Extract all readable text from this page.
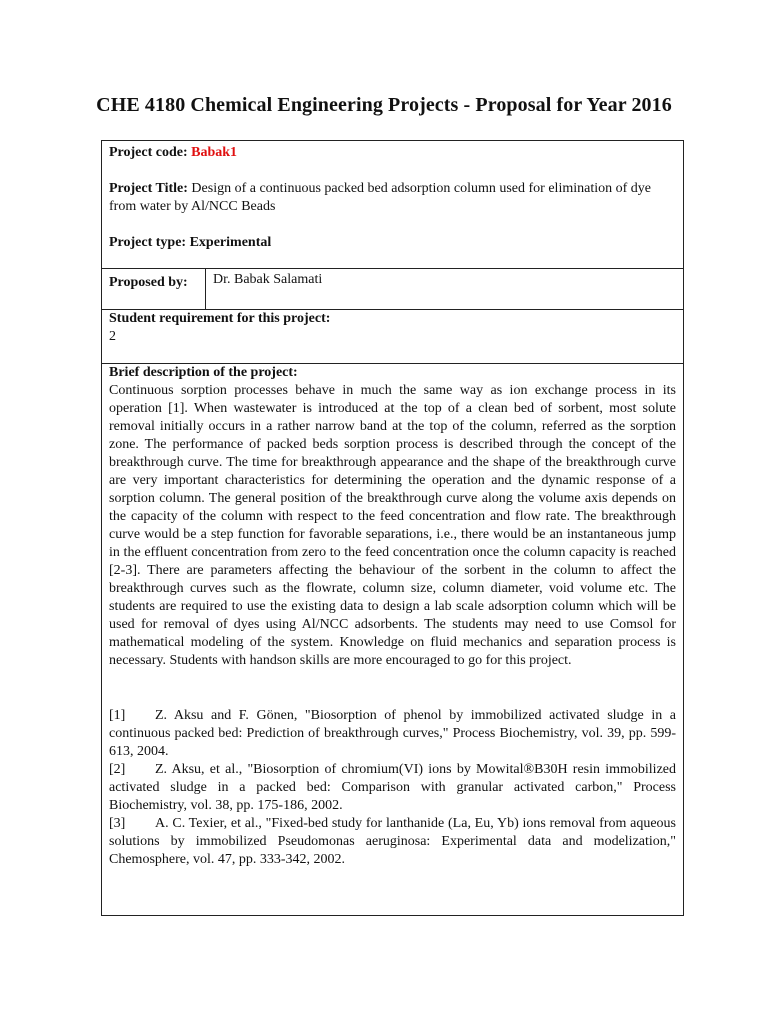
CHE 4180 Chemical Engineering Projects - Proposal for Year 2016

Project code: Babak1

Project Title: Design of a continuous packed bed adsorption column used for elimination of dye from water by Al/NCC Beads

Project type: Experimental

Proposed by:	Dr. Babak Salamati

Student requirement for this project:

2

Brief description of the project:

Continuous sorption processes behave in much the same way as ion exchange process in its operation [1]. When wastewater is introduced at the top of a clean bed of sorbent, most solute removal initially occurs in a rather narrow band at the top of the column, referred as the sorption zone. The performance of packed beds sorption process is described through the concept of the breakthrough curve. The time for breakthrough appearance and the shape of the breakthrough curve are very important characteristics for determining the operation and the dynamic response of a sorption column. The general position of the breakthrough curve along the volume axis depends on the capacity of the column with respect to the feed concentration and flow rate. The breakthrough curve would be a step function for favorable separations, i.e., there would be an instantaneous jump in the effluent concentration from zero to the feed concentration once the column capacity is reached [2-3]. There are parameters affecting the behaviour of the sorbent in the column to affect the breakthrough curves such as the flowrate, column size, column diameter, void volume etc. The students are required to use the existing data to design a lab scale adsorption column which will be used for removal of dyes using Al/NCC adsorbents. The students may need to use Comsol for mathematical modeling of the system. Knowledge on fluid mechanics and separation process is necessary. Students with handson skills are more encouraged to go for this project.

[1] Z. Aksu and F. Gönen, "Biosorption of phenol by immobilized activated sludge in a continuous packed bed: Prediction of breakthrough curves," Process Biochemistry, vol. 39, pp. 599-613, 2004.

[2] Z. Aksu, et al., "Biosorption of chromium(VI) ions by Mowital®B30H resin immobilized activated sludge in a packed bed: Comparison with granular activated carbon," Process Biochemistry, vol. 38, pp. 175-186, 2002.

[3] A. C. Texier, et al., "Fixed-bed study for lanthanide (La, Eu, Yb) ions removal from aqueous solutions by immobilized Pseudomonas aeruginosa: Experimental data and modelization," Chemosphere, vol. 47, pp. 333-342, 2002.
